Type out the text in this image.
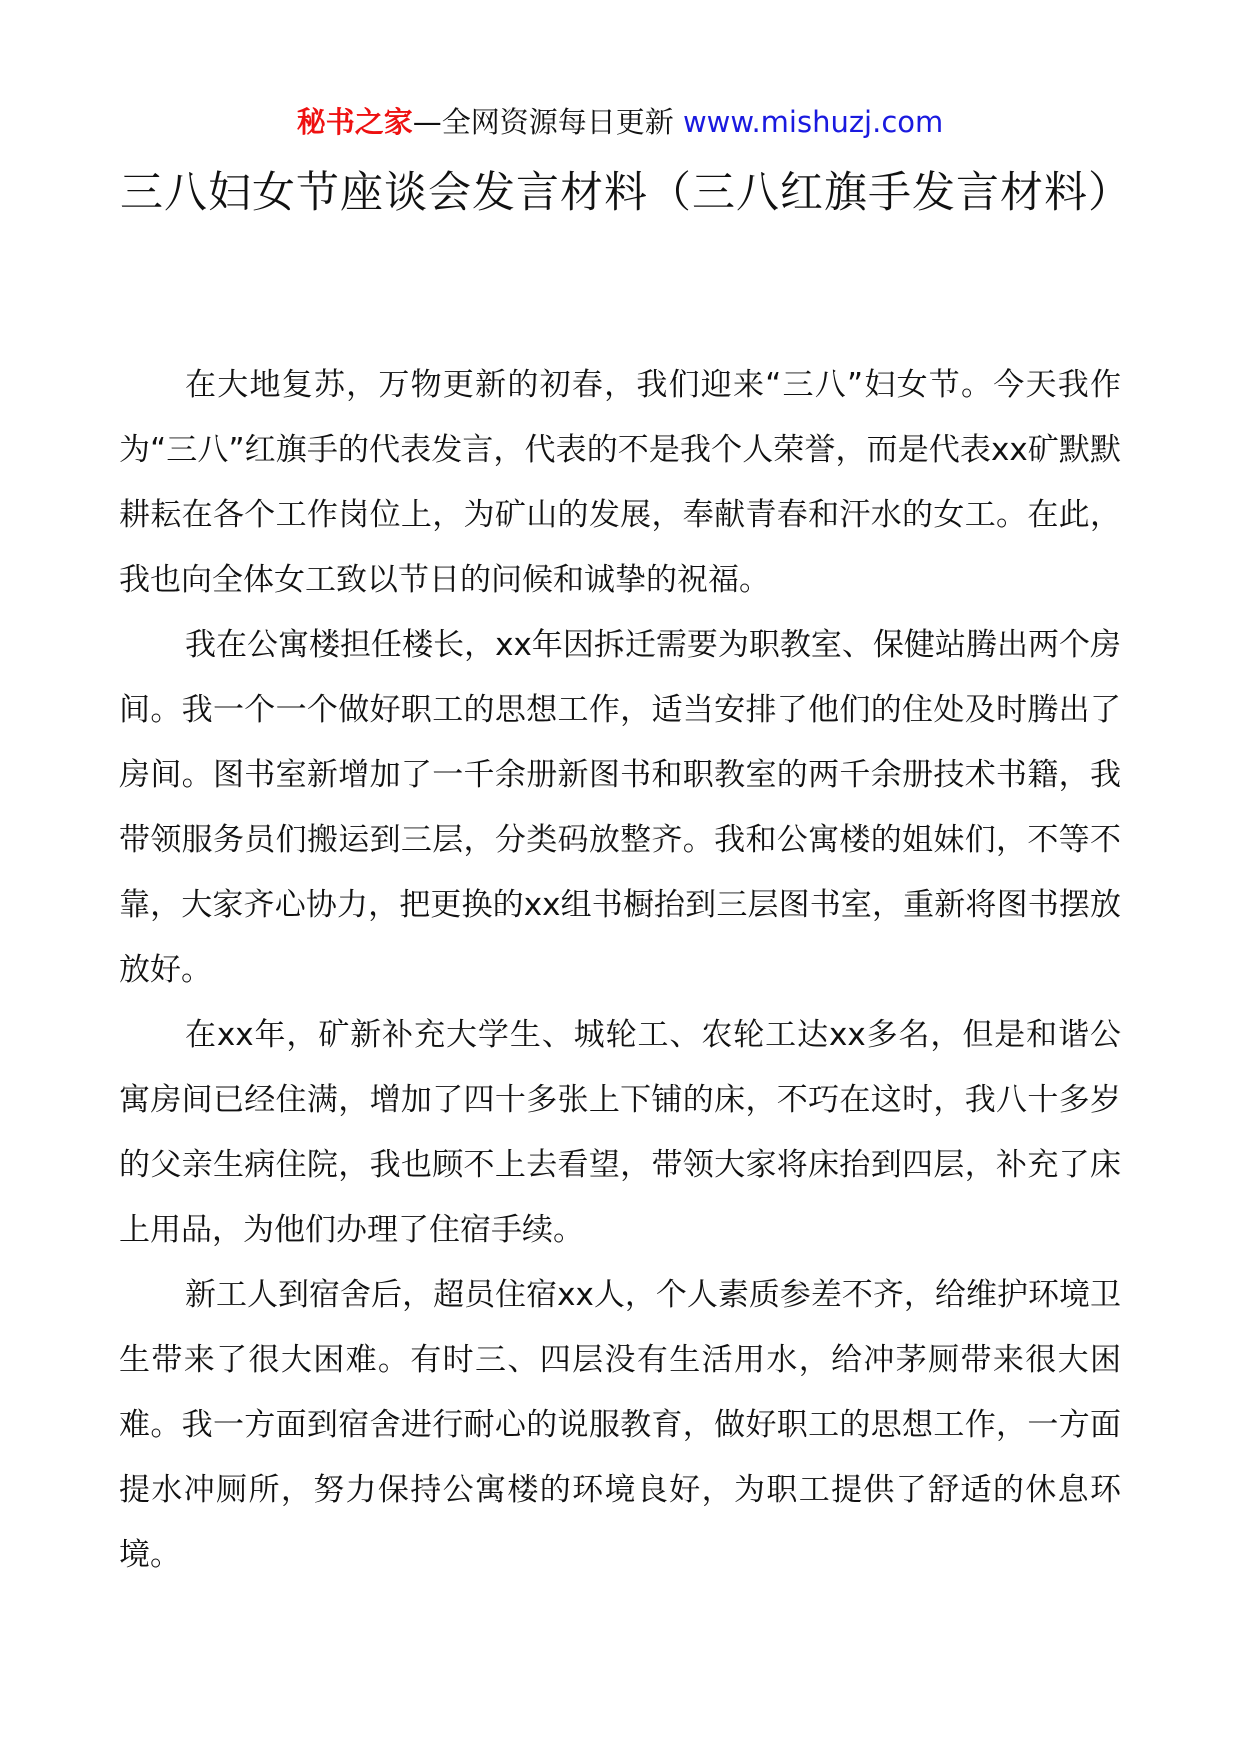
秘书之家—全网资源每日更新 www.mishuzj.com
三八妇女节座谈会发言材料（三八红旗手发言材料）

在大地复苏，万物更新的初春，我们迎来“三八”妇女节。今天我作为“三八”红旗手的代表发言，代表的不是我个人荣誉，而是代表xx矿默默耕耘在各个工作岗位上，为矿山的发展，奉献青春和汗水的女工。在此，我也向全体女工致以节日的问候和诚挚的祝福。

我在公寓楼担任楼长，xx年因拆迁需要为职教室、保健站腾出两个房间。我一个一个做好职工的思想工作，适当安排了他们的住处及时腾出了房间。图书室新增加了一千余册新图书和职教室的两千余册技术书籍，我带领服务员们搬运到三层，分类码放整齐。我和公寓楼的姐妹们，不等不靠，大家齐心协力，把更换的xx组书橱抬到三层图书室，重新将图书摆放放好。

在xx年，矿新补充大学生、城轮工、农轮工达xx多名，但是和谐公寓房间已经住满，增加了四十多张上下铺的床，不巧在这时，我八十多岁的父亲生病住院，我也顾不上去看望，带领大家将床抬到四层，补充了床上用品，为他们办理了住宿手续。

新工人到宿舍后，超员住宿xx人，个人素质参差不齐，给维护环境卫生带来了很大困难。有时三、四层没有生活用水，给冲茅厕带来很大困难。我一方面到宿舍进行耐心的说服教育，做好职工的思想工作，一方面提水冲厕所，努力保持公寓楼的环境良好，为职工提供了舒适的休息环境。
